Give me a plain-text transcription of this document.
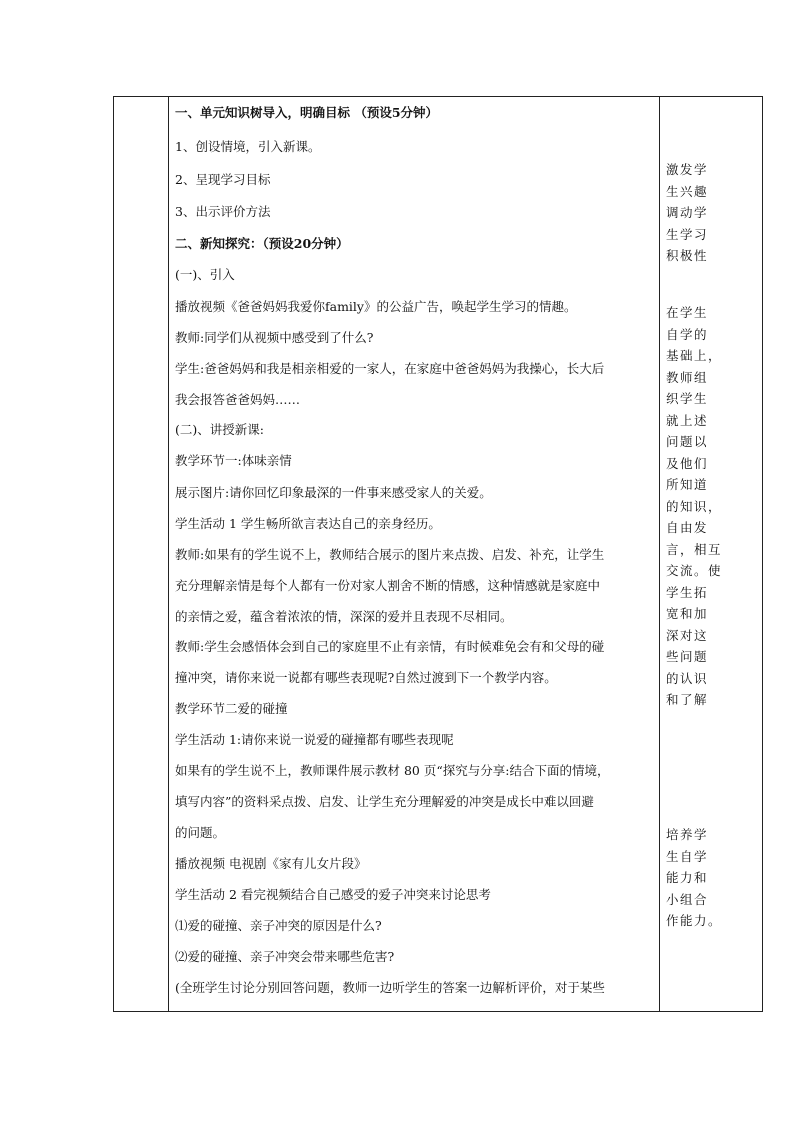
一、单元知识树导入，明确目标 （预设5分钟）
1、创设情境，引入新课。
2、呈现学习目标
3、出示评价方法
二、新知探究：（预设20分钟）
(一)、引入
播放视频《爸爸妈妈我爱你family》的公益广告，唤起学生学习的情趣。
教师:同学们从视频中感受到了什么?
学生:爸爸妈妈和我是相亲相爱的一家人，在家庭中爸爸妈妈为我操心，长大后
我会报答爸爸妈妈……
(二)、讲授新课:
教学环节一:体味亲情
展示图片:请你回忆印象最深的一件事来感受家人的关爱。
学生活动 1 学生畅所欲言表达自己的亲身经历。
教师:如果有的学生说不上，教师结合展示的图片来点拨、启发、补充，让学生
充分理解亲情是每个人都有一份对家人割舍不断的情感，这种情感就是家庭中
的亲情之爱，蕴含着浓浓的情，深深的爱并且表现不尽相同。
教师:学生会感悟体会到自己的家庭里不止有亲情，有时候难免会有和父母的碰
撞冲突，请你来说一说都有哪些表现呢?自然过渡到下一个教学内容。
教学环节二爱的碰撞
学生活动 1:请你来说一说爱的碰撞都有哪些表现呢
如果有的学生说不上，教师课件展示教材 80 页“探究与分享:结合下面的情境，
填写内容”的资料采点拨、启发、让学生充分理解爱的冲突是成长中难以回避
的问题。
播放视频 电视剧《家有儿女片段》
学生活动 2 看完视频结合自己感受的爱子冲突来讨论思考
⑴爱的碰撞、亲子冲突的原因是什么?
⑵爱的碰撞、亲子冲突会带来哪些危害?
(全班学生讨论分别回答问题，教师一边听学生的答案一边解析评价，对于某些
激发学
生兴趣
调动学
生学习
积极性
在学生
自学的
基础上，
教师组
织学生
就上述
问题以
及他们
所知道
的知识，
自由发
言，相互
交流。使
学生拓
宽和加
深对这
些问题
的认识
和了解
培养学
生自学
能力和
小组合
作能力。
